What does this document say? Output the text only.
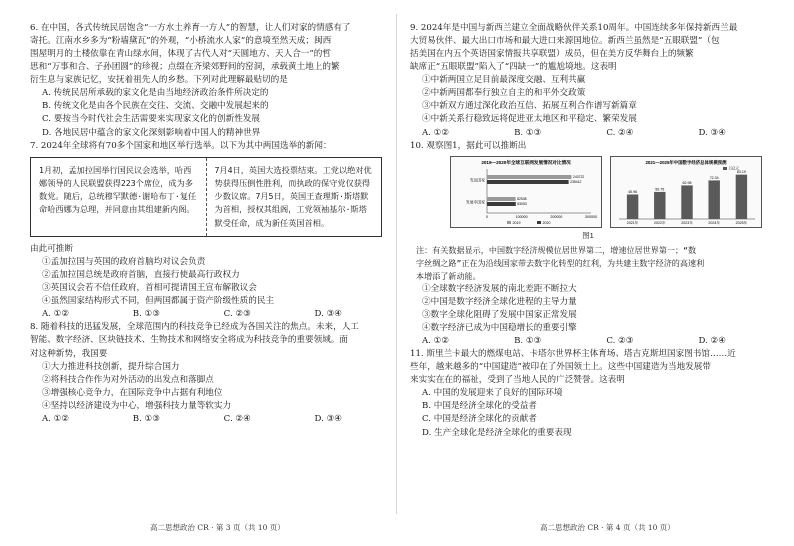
6. 在中国，各式传统民居饱含“一方水土养育一方人”的智慧，让人们对家的情感有了

寄托。江南水乡多为“粉墙黛瓦”的外观，“小桥流水人家”的意境至然天成；闽西

围屋明月的土楼依靠在青山绿水间，体现了古代人对“天圆地方、天人合一”的哲

思和“万事和合、子孙团圆”的珍视；点缀在齐梁郊野间的窑洞，承载黄土地上的繁

衍生息与家族记忆，安抚着祖先人的乡愁。下列对此理解最贴切的是

A. 传统民居所承载的家文化是由当地经济政治条件所决定的

B. 传统文化是由各个民族在交往、交流、交融中发展起来的

C. 要按当今时代社会生活需要来实现家文化的创新性发展

D. 各地民居中蕴含的家文化深刻影响着中国人的精神世界

7. 2024年全球将有70多个国家和地区举行选举。以下为其中两国选举的新闻：

1月初，孟加拉国举行国民议会选举，哈西娜领导的人民联盟获得223个席位，成为多数党。随后，总统穆罕默德·谢哈布丁·复任命哈西娜为总理，并同意由其组建新内阁。
7月4日，英国大选投票结束。工党以绝对优势获得压倒性胜利，而执政的保守党仅获得少数议席。7月5日，英国王查理斯·斯塔默为首相，授权其组阁，工党领袖基尔·斯塔默受任命，成为新任英国首相。

由此可推断

①孟加拉国与英国的政府首脑均对议会负责

②孟加拉国总统是政府首脑，直接行使最高行政权力

③英国议会若不信任政府，首相可提请国王宣布解散议会

④虽然国家结构形式不同，但两国都属于资产阶级性质的民主

A. ①②	B. ①③	C. ②③	D. ③④

8. 随着科技的迅猛发展，全球范围内的科技竞争已经成为各国关注的焦点。未来，人工

智能、数字经济、区块链技术、生物技术和网络安全将成为科技竞争的重要领域。面

对这种新势，我国要

①大力推进科技创新，提升综合国力

②将科技合作作为对外活动的出发点和落脚点

③增强核心竞争力，在国际竞争中占据有利地位

④坚持以经济建设为中心，增强科技力量等软实力

A. ①②	B. ①③	C. ②④	D. ③④
高二思想政治 CR · 第 3 页（共 10 页）

9. 2024年是中国与新西兰建立全面战略伙伴关系10周年。中国连续多年保持新西兰最

大贸易伙伴、最大出口市场和最大进口来源国地位。新西兰虽然是“五眼联盟”（包

括美国在内五个英语国家情报共享联盟）成员，但在美方反华舞台上的频繁

缺席正“五眼联盟”陷入了“四缺一”的尴尬境地。这表明

①中新两国立足目前最深度交融、互利共赢

②中新两国都奉行独立自主的和平外交政策

③中新双方通过深化政治互信、拓展互利合作谱写新篇章

④中新关系行稳致远将促进亚太地区和平稳定、繁荣发展

A. ①②	B. ①③	C. ②④	D. ③④

10. 观察图1，据此可以推断出

2019—2020年全球互联网发展情况对比情况
0	100000	200000	300000
发达国家
243722
235412
发展中国家
82538
83053
2019	2020
2021—2025年中国数字经济总体规模预测
万亿元
45.96
2021年
50.75
2022年
62.98
2023年
72.34
2024年
83.19
2025年

图1

注：有关数据显示，中国数字经济规模位居世界第二，增速位居世界第一；“数

字丝绸之路”正在为沿线国家带去数字化转型的红利，为共建主数字经济的高速利

本增添了新动能。

①全球数字经济发展的南北差距不断拉大

②中国是数字经济全球化进程的主导力量

③数字全球化阻碍了发展中国家正常发展

④数字经济已成为中国稳增长的重要引擎

A. ①②	B. ①③	C. ②③	D. ②④

11. 斯里兰卡最大的燃煤电站、卡塔尔世界杯主体育场、塔吉克斯坦国家图书馆……近

些年，越来越多的“中国建造”被印在了外国领土上。这些中国建造为当地发展带

来实实在在的福祉，受到了当地人民的广泛赞誉。这表明

A. 中国的发展迎来了良好的国际环境

B. 中国是经济全球化的受益者

C. 中国是经济全球化的贡献者

D. 生产全球化是经济全球化的重要表现

高二思想政治 CR · 第 4 页（共 10 页）
